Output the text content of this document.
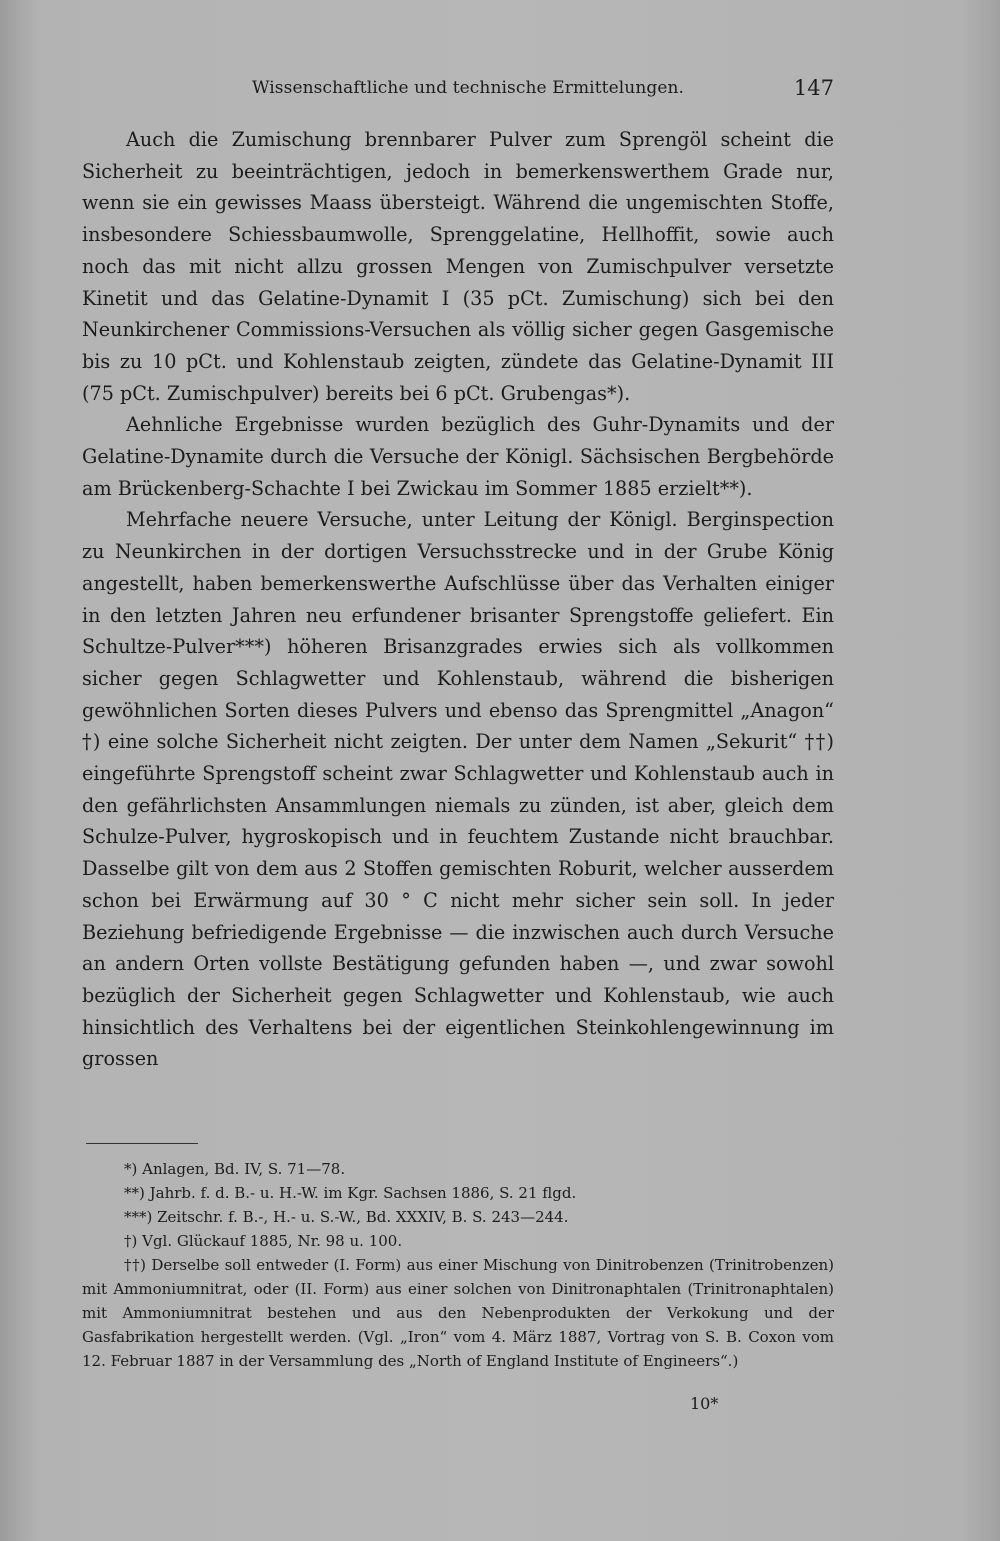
Wissenschaftliche und technische Ermittelungen.	147

Auch die Zumischung brennbarer Pulver zum Sprengöl scheint die Sicherheit zu beeinträchtigen, jedoch in bemerkenswerthem Grade nur, wenn sie ein gewisses Maass übersteigt. Während die ungemischten Stoffe, insbesondere Schiessbaumwolle, Sprenggelatine, Hellhoffit, sowie auch noch das mit nicht allzu grossen Mengen von Zumischpulver versetzte Kinetit und das Gelatine-Dynamit I (35 pCt. Zumischung) sich bei den Neunkirchener Commissions-Versuchen als völlig sicher gegen Gasgemische bis zu 10 pCt. und Kohlenstaub zeigten, zündete das Gelatine-Dynamit III (75 pCt. Zumischpulver) bereits bei 6 pCt. Grubengas*).

Aehnliche Ergebnisse wurden bezüglich des Guhr-Dynamits und der Gelatine-Dynamite durch die Versuche der Königl. Sächsischen Bergbehörde am Brückenberg-Schachte I bei Zwickau im Sommer 1885 erzielt**).

Mehrfache neuere Versuche, unter Leitung der Königl. Berginspection zu Neunkirchen in der dortigen Versuchsstrecke und in der Grube König angestellt, haben bemerkenswerthe Aufschlüsse über das Verhalten einiger in den letzten Jahren neu erfundener brisanter Sprengstoffe geliefert. Ein Schultze-Pulver***) höheren Brisanzgrades erwies sich als vollkommen sicher gegen Schlagwetter und Kohlenstaub, während die bisherigen gewöhnlichen Sorten dieses Pulvers und ebenso das Sprengmittel „Anagon“ †) eine solche Sicherheit nicht zeigten. Der unter dem Namen „Sekurit“ ††) eingeführte Sprengstoff scheint zwar Schlagwetter und Kohlenstaub auch in den gefährlichsten Ansammlungen niemals zu zünden, ist aber, gleich dem Schulze-Pulver, hygroskopisch und in feuchtem Zustande nicht brauchbar. Dasselbe gilt von dem aus 2 Stoffen gemischten Roburit, welcher ausserdem schon bei Erwärmung auf 30 ° C nicht mehr sicher sein soll. In jeder Beziehung befriedigende Ergebnisse — die inzwischen auch durch Versuche an andern Orten vollste Bestätigung gefunden haben —, und zwar sowohl bezüglich der Sicherheit gegen Schlagwetter und Kohlenstaub, wie auch hinsichtlich des Verhaltens bei der eigentlichen Steinkohlengewinnung im grossen

*) Anlagen, Bd. IV, S. 71—78.

**) Jahrb. f. d. B.- u. H.-W. im Kgr. Sachsen 1886, S. 21 flgd.

***) Zeitschr. f. B.-, H.- u. S.-W., Bd. XXXIV, B. S. 243—244.

†) Vgl. Glückauf 1885, Nr. 98 u. 100.

††) Derselbe soll entweder (I. Form) aus einer Mischung von Dinitrobenzen (Trinitrobenzen) mit Ammoniumnitrat, oder (II. Form) aus einer solchen von Dinitronaphtalen (Trinitronaphtalen) mit Ammoniumnitrat bestehen und aus den Nebenprodukten der Verkokung und der Gasfabrikation hergestellt werden. (Vgl. „Iron“ vom 4. März 1887, Vortrag von S. B. Coxon vom 12. Februar 1887 in der Versammlung des „North of England Institute of Engineers“.)

10*
